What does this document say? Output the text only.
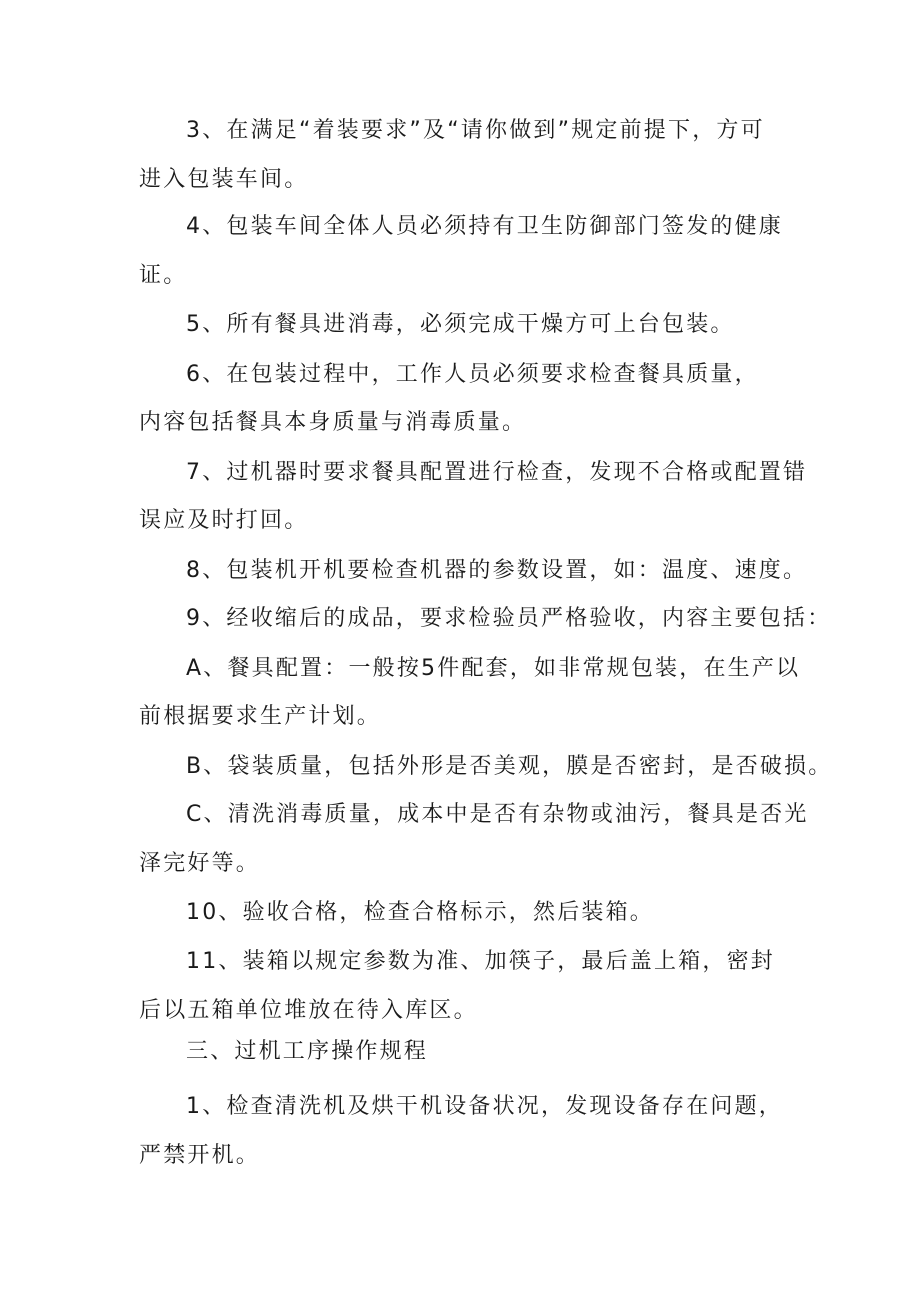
3、在满足“着装要求”及“请你做到”规定前提下，方可
进入包装车间。
4、包装车间全体人员必须持有卫生防御部门签发的健康
证。
5、所有餐具进消毒，必须完成干燥方可上台包装。
6、在包装过程中，工作人员必须要求检查餐具质量，
内容包括餐具本身质量与消毒质量。
7、过机器时要求餐具配置进行检查，发现不合格或配置错
误应及时打回。
8、包装机开机要检查机器的参数设置，如：温度、速度。
9、经收缩后的成品，要求检验员严格验收，内容主要包括：
A、餐具配置：一般按5件配套，如非常规包装，在生产以
前根据要求生产计划。
B、袋装质量，包括外形是否美观，膜是否密封，是否破损。
C、清洗消毒质量，成本中是否有杂物或油污，餐具是否光
泽完好等。
10、验收合格，检查合格标示，然后装箱。
11、装箱以规定参数为准、加筷子，最后盖上箱，密封
后以五箱单位堆放在待入库区。
三、过机工序操作规程
1、检查清洗机及烘干机设备状况，发现设备存在问题，
严禁开机。
